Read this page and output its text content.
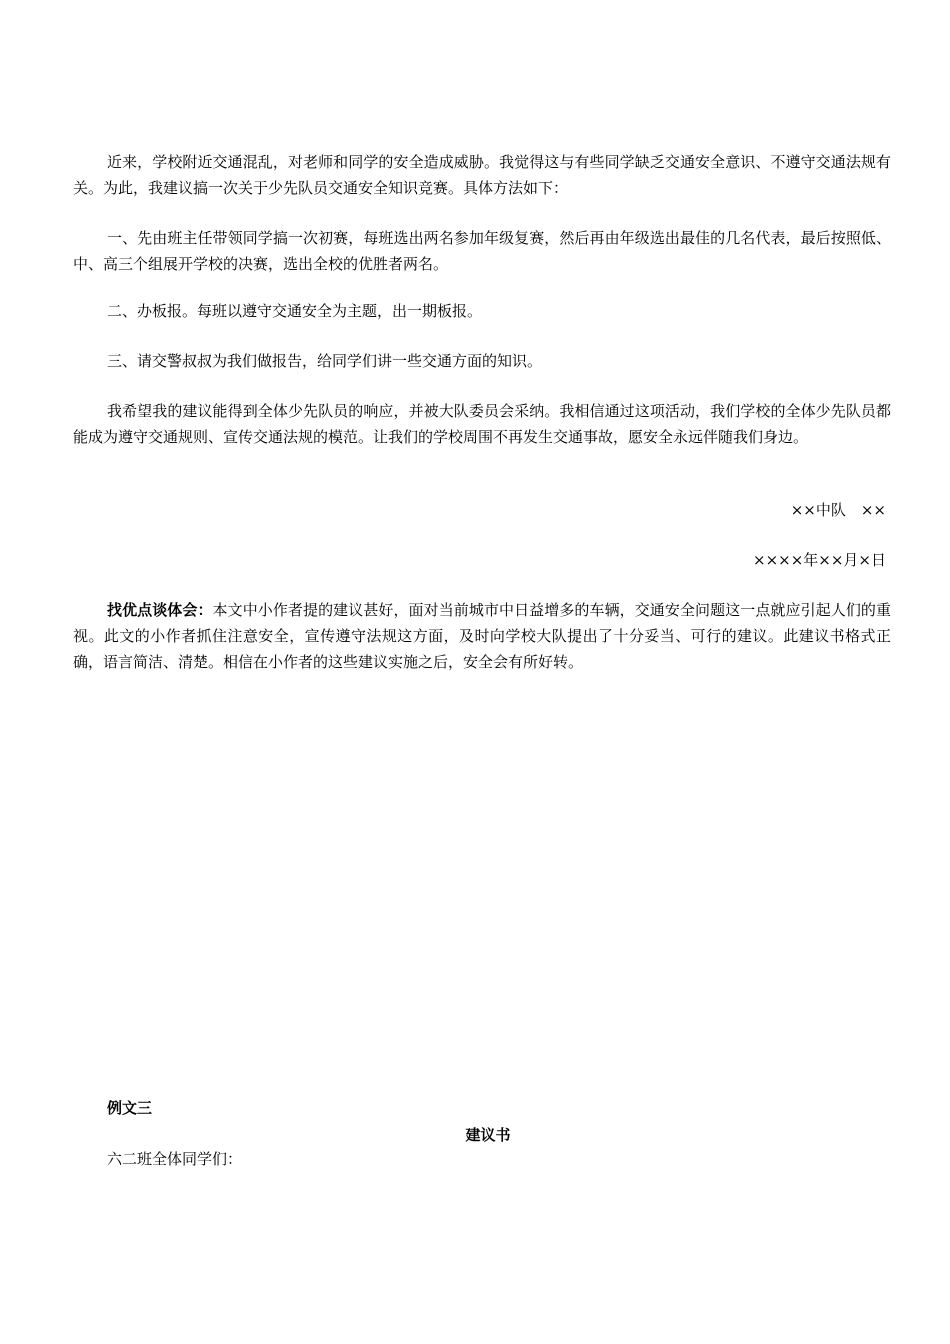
近来，学校附近交通混乱，对老师和同学的安全造成威胁。我觉得这与有些同学缺乏交通安全意识、不遵守交通法规有关。为此，我建议搞一次关于少先队员交通安全知识竞赛。具体方法如下：

一、先由班主任带领同学搞一次初赛，每班选出两名参加年级复赛，然后再由年级选出最佳的几名代表，最后按照低、中、高三个组展开学校的决赛，选出全校的优胜者两名。

二、办板报。每班以遵守交通安全为主题，出一期板报。

三、请交警叔叔为我们做报告，给同学们讲一些交通方面的知识。

我希望我的建议能得到全体少先队员的响应，并被大队委员会采纳。我相信通过这项活动，我们学校的全体少先队员都能成为遵守交通规则、宣传交通法规的模范。让我们的学校周围不再发生交通事故，愿安全永远伴随我们身边。

××中队　××

××××年××月×日

找优点谈体会：本文中小作者提的建议甚好，面对当前城市中日益增多的车辆，交通安全问题这一点就应引起人们的重视。此文的小作者抓住注意安全，宣传遵守法规这方面，及时向学校大队提出了十分妥当、可行的建议。此建议书格式正确，语言简洁、清楚。相信在小作者的这些建议实施之后，安全会有所好转。

例文三

建议书

六二班全体同学们：
